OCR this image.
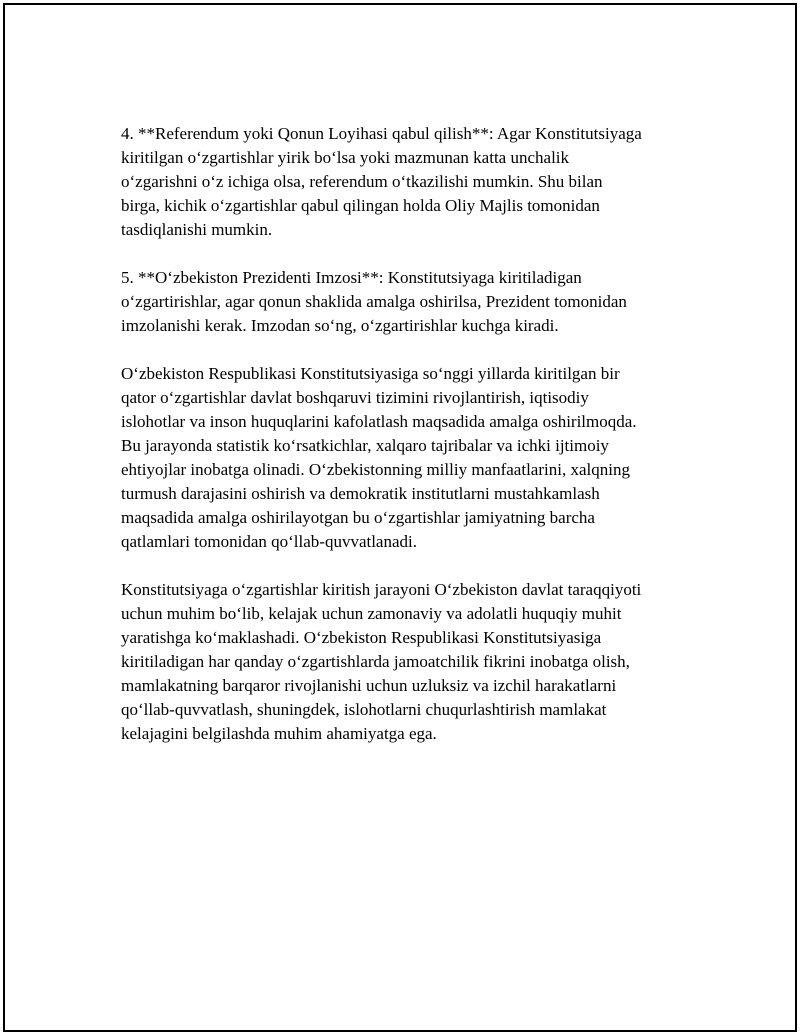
4. **Referendum yoki Qonun Loyihasi qabul qilish**: Agar Konstitutsiyaga
kiritilgan o‘zgartishlar yirik bo‘lsa yoki mazmunan katta unchalik
o‘zgarishni o‘z ichiga olsa, referendum o‘tkazilishi mumkin. Shu bilan
birga, kichik o‘zgartishlar qabul qilingan holda Oliy Majlis tomonidan
tasdiqlanishi mumkin.

5. **O‘zbekiston Prezidenti Imzosi**: Konstitutsiyaga kiritiladigan
o‘zgartirishlar, agar qonun shaklida amalga oshirilsa, Prezident tomonidan
imzolanishi kerak. Imzodan so‘ng, o‘zgartirishlar kuchga kiradi.

O‘zbekiston Respublikasi Konstitutsiyasiga so‘nggi yillarda kiritilgan bir
qator o‘zgartishlar davlat boshqaruvi tizimini rivojlantirish, iqtisodiy
islohotlar va inson huquqlarini kafolatlash maqsadida amalga oshirilmoqda.
Bu jarayonda statistik ko‘rsatkichlar, xalqaro tajribalar va ichki ijtimoiy
ehtiyojlar inobatga olinadi. O‘zbekistonning milliy manfaatlarini, xalqning
turmush darajasini oshirish va demokratik institutlarni mustahkamlash
maqsadida amalga oshirilayotgan bu o‘zgartishlar jamiyatning barcha
qatlamlari tomonidan qo‘llab-quvvatlanadi.

Konstitutsiyaga o‘zgartishlar kiritish jarayoni O‘zbekiston davlat taraqqiyoti
uchun muhim bo‘lib, kelajak uchun zamonaviy va adolatli huquqiy muhit
yaratishga ko‘maklashadi. O‘zbekiston Respublikasi Konstitutsiyasiga
kiritiladigan har qanday o‘zgartishlarda jamoatchilik fikrini inobatga olish,
mamlakatning barqaror rivojlanishi uchun uzluksiz va izchil harakatlarni
qo‘llab-quvvatlash, shuningdek, islohotlarni chuqurlashtirish mamlakat
kelajagini belgilashda muhim ahamiyatga ega.
